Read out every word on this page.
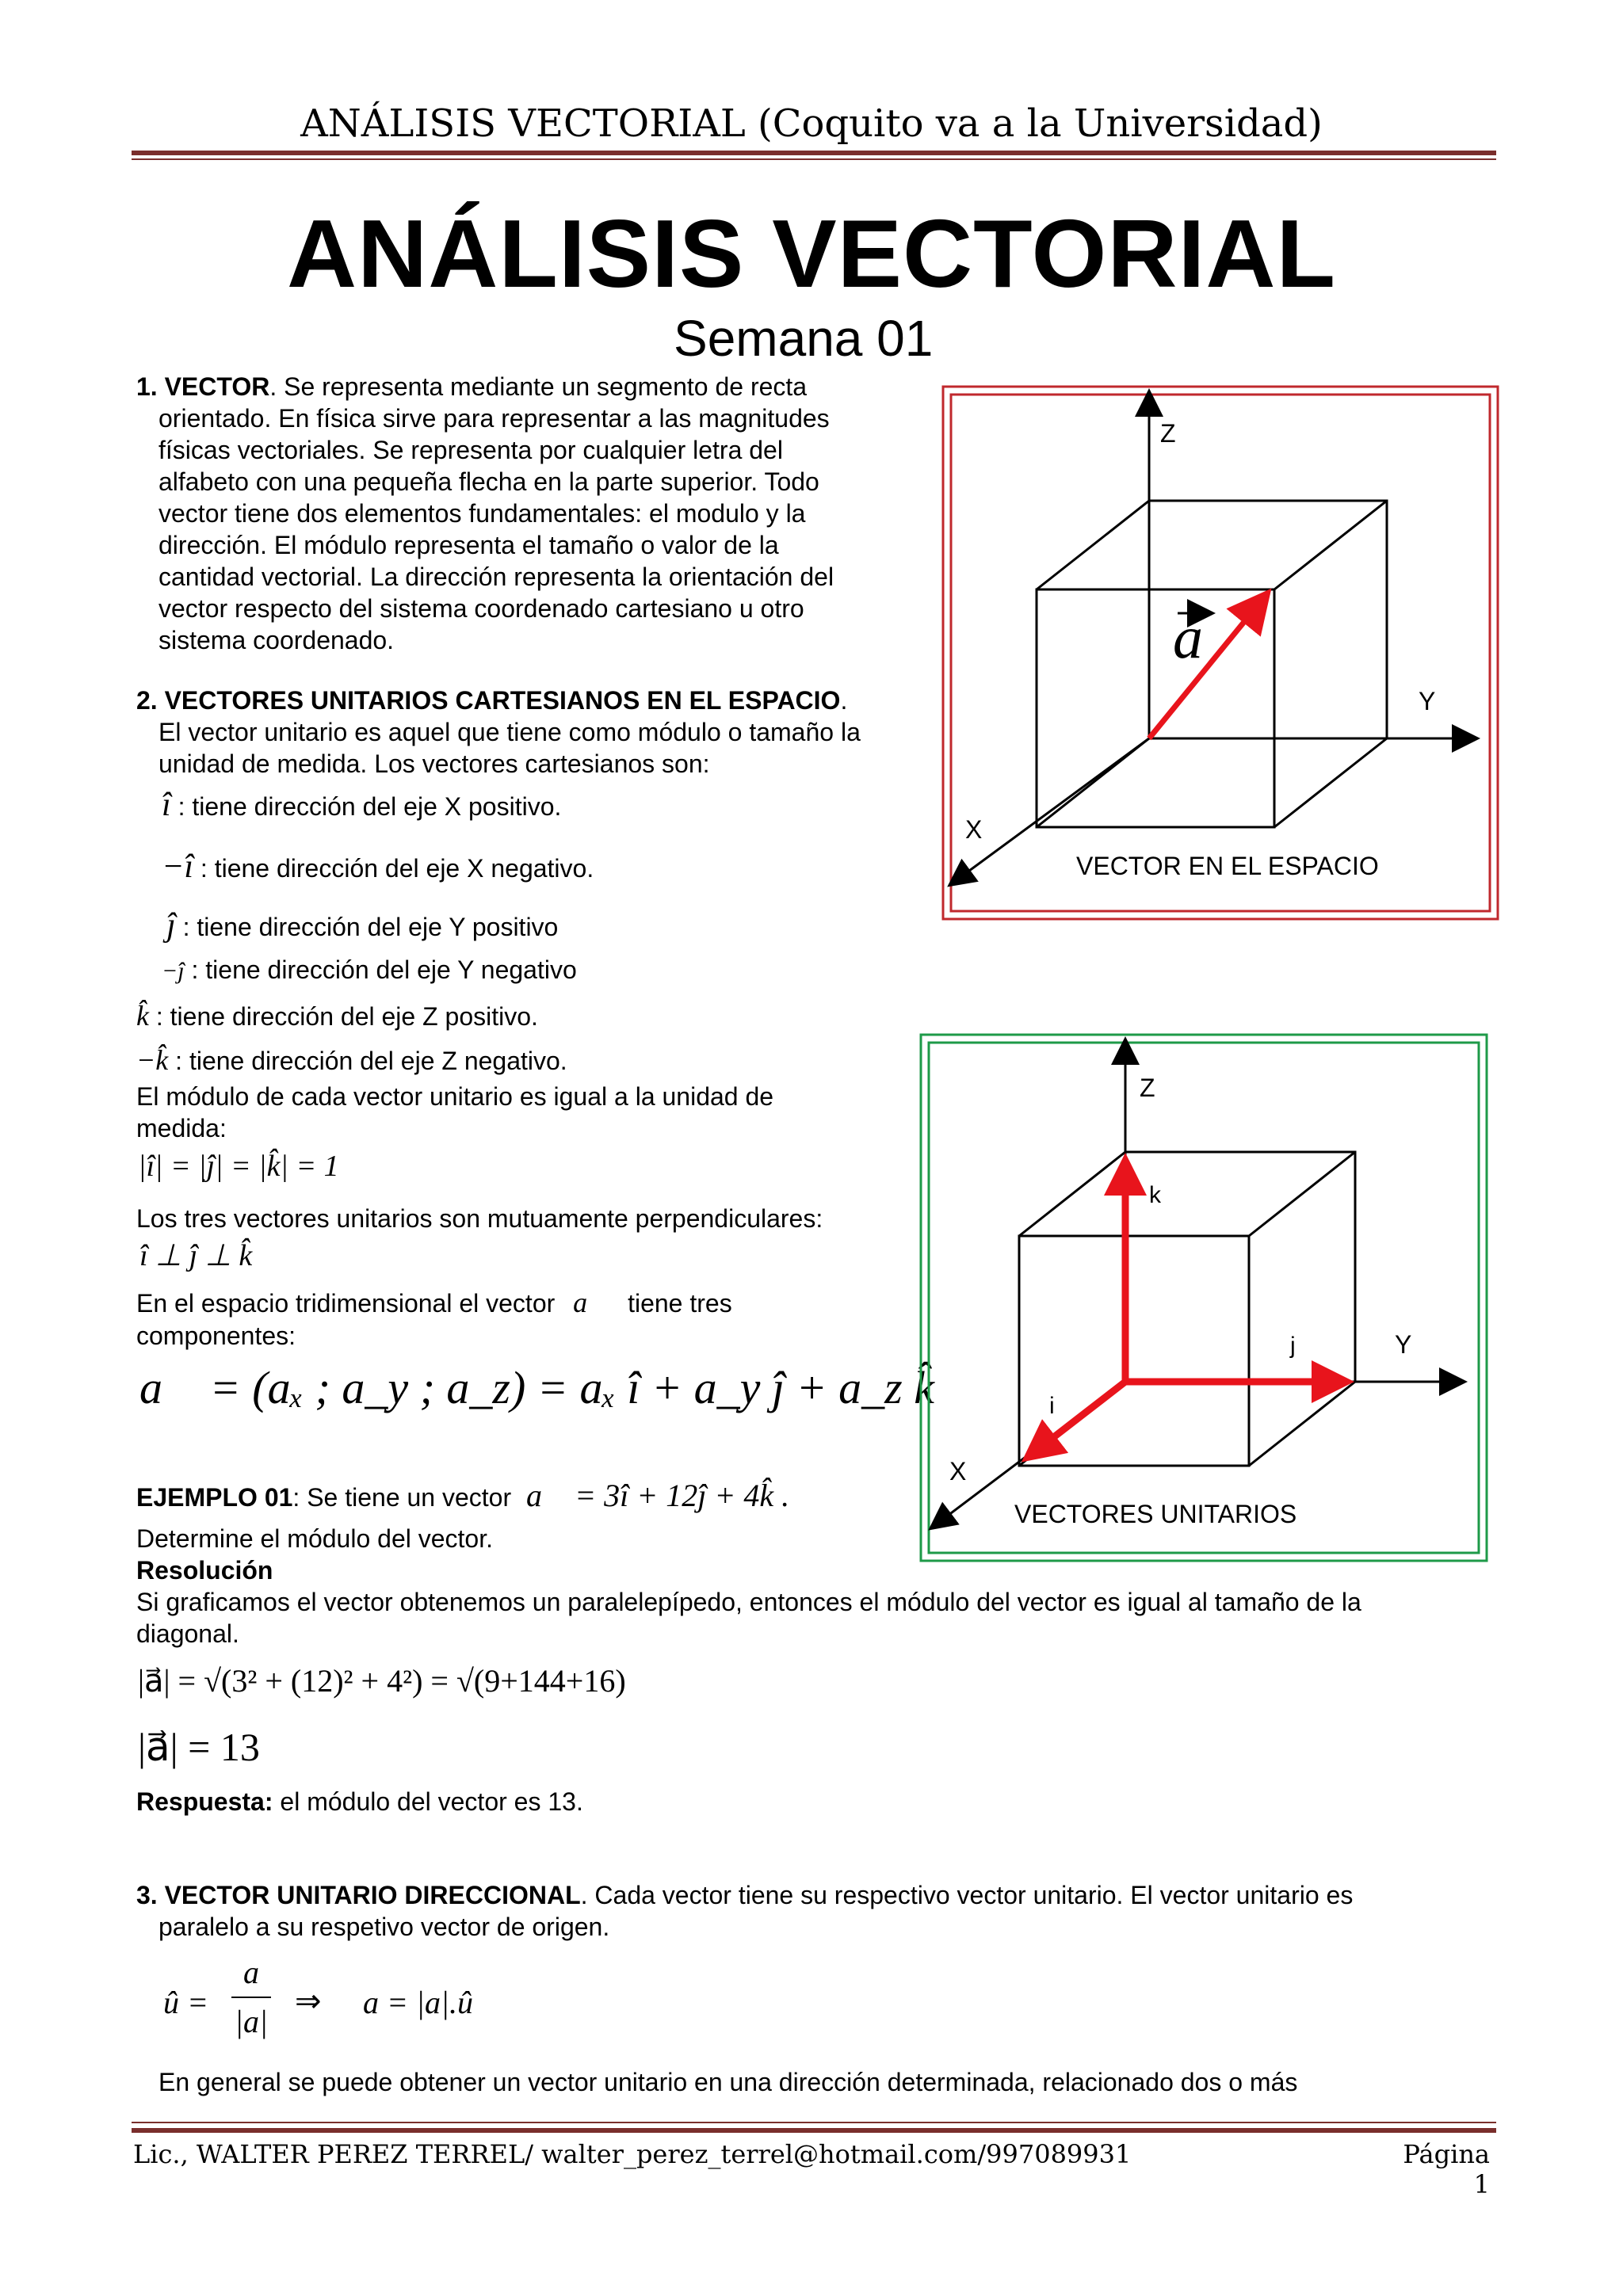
ANÁLISIS VECTORIAL (Coquito va a la Universidad)
ANÁLISIS VECTORIAL
Semana 01
1. VECTOR. Se representa mediante un segmento de recta
orientado. En física sirve para representar a las magnitudes
físicas vectoriales. Se representa por cualquier letra del
alfabeto con una pequeña flecha en la parte superior. Todo
vector tiene dos elementos fundamentales: el modulo y la
dirección. El módulo representa el tamaño o valor de la
cantidad vectorial. La dirección representa la orientación del
vector respecto del sistema coordenado cartesiano u otro
sistema coordenado.
2. VECTORES UNITARIOS CARTESIANOS EN EL ESPACIO.
El vector unitario es aquel que tiene como módulo o tamaño la
unidad de medida. Los vectores cartesianos son:
î : tiene dirección del eje X positivo.
−î : tiene dirección del eje X negativo.
ĵ : tiene dirección del eje Y positivo
−ĵ : tiene dirección del eje Y negativo
k̂ : tiene dirección del eje Z positivo.
−k̂ : tiene dirección del eje Z negativo.
El módulo de cada vector unitario es igual a la unidad de
medida:
|î| = |ĵ| = |k̂| = 1
Los tres vectores unitarios son mutuamente perpendiculares:
î ⊥ ĵ ⊥ k̂
En el espacio tridimensional el vector a⃗ tiene tres
componentes:
a⃗ = (aₓ ; a_y ; a_z) = aₓ î + a_y ĵ + a_z k̂
EJEMPLO 01: Se tiene un vector a⃗ = 3î + 12ĵ + 4k̂ .
Determine el módulo del vector.
Resolución
Si graficamos el vector obtenemos un paralelepípedo, entonces el módulo del vector es igual al tamaño de la
diagonal.
|a⃗| = √(3² + (12)² + 4²) = √(9+144+16)
|a⃗| = 13
Respuesta: el módulo del vector es 13.
3. VECTOR UNITARIO DIRECCIONAL. Cada vector tiene su respectivo vector unitario. El vector unitario es
paralelo a su respetivo vector de origen.
û =
a
|a|
⇒ a = |a|.û
En general se puede obtener un vector unitario en una dirección determinada, relacionado dos o más
Z
Y
X
a
VECTOR EN EL ESPACIO
Z
Y
X
k
j
i
VECTORES UNITARIOS
Lic., WALTER PEREZ TERREL/ walter_perez_terrel@hotmail.com/997089931	Página 1
